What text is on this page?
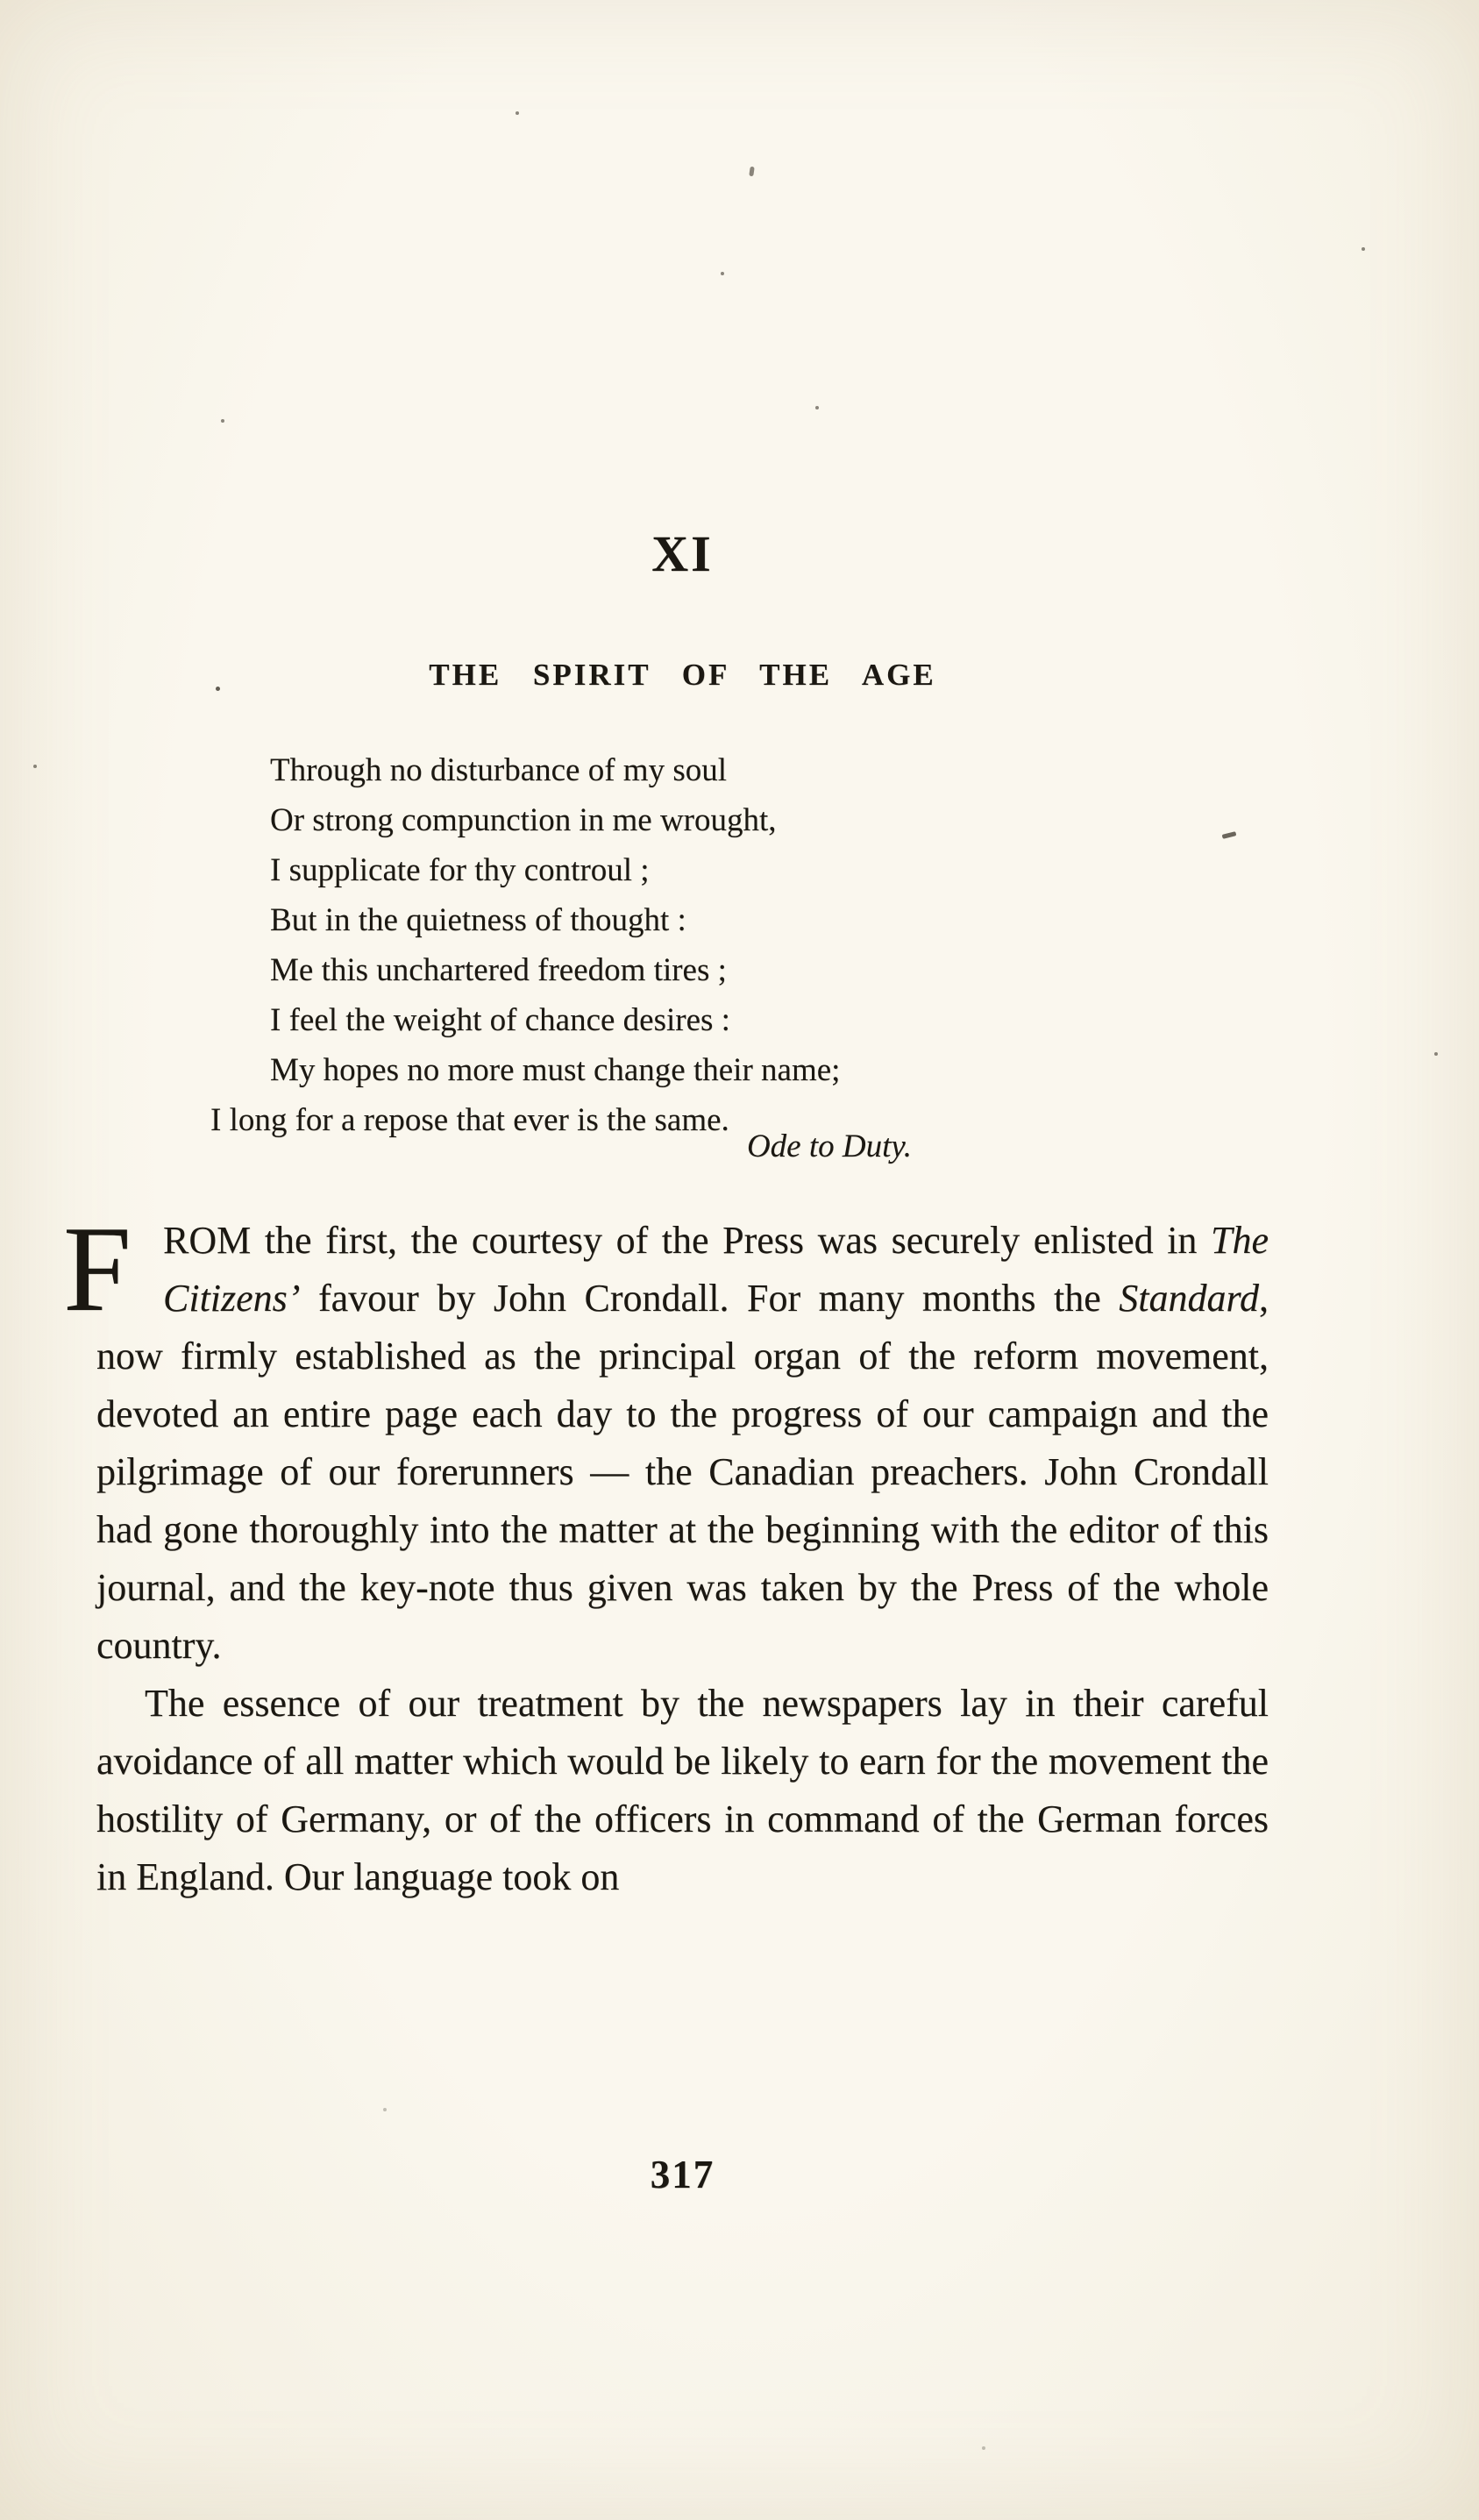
XI
THE SPIRIT OF THE AGE
Through no disturbance of my soul
Or strong compunction in me wrought,
I supplicate for thy controul ;
But in the quietness of thought :
Me this unchartered freedom tires ;
I feel the weight of chance desires :
My hopes no more must change their name;
I long for a repose that ever is the same.
Ode to Duty.

FROM the first, the courtesy of the Press was securely enlisted in The Citizens’ favour by John Crondall. For many months the Standard, now firmly established as the principal organ of the reform movement, devoted an entire page each day to the progress of our campaign and the pilgrimage of our forerunners — the Canadian preachers. John Crondall had gone thoroughly into the matter at the beginning with the editor of this journal, and the key-note thus given was taken by the Press of the whole country.

The essence of our treatment by the newspapers lay in their careful avoidance of all matter which would be likely to earn for the movement the hostility of Germany, or of the officers in command of the German forces in England. Our language took on

317
